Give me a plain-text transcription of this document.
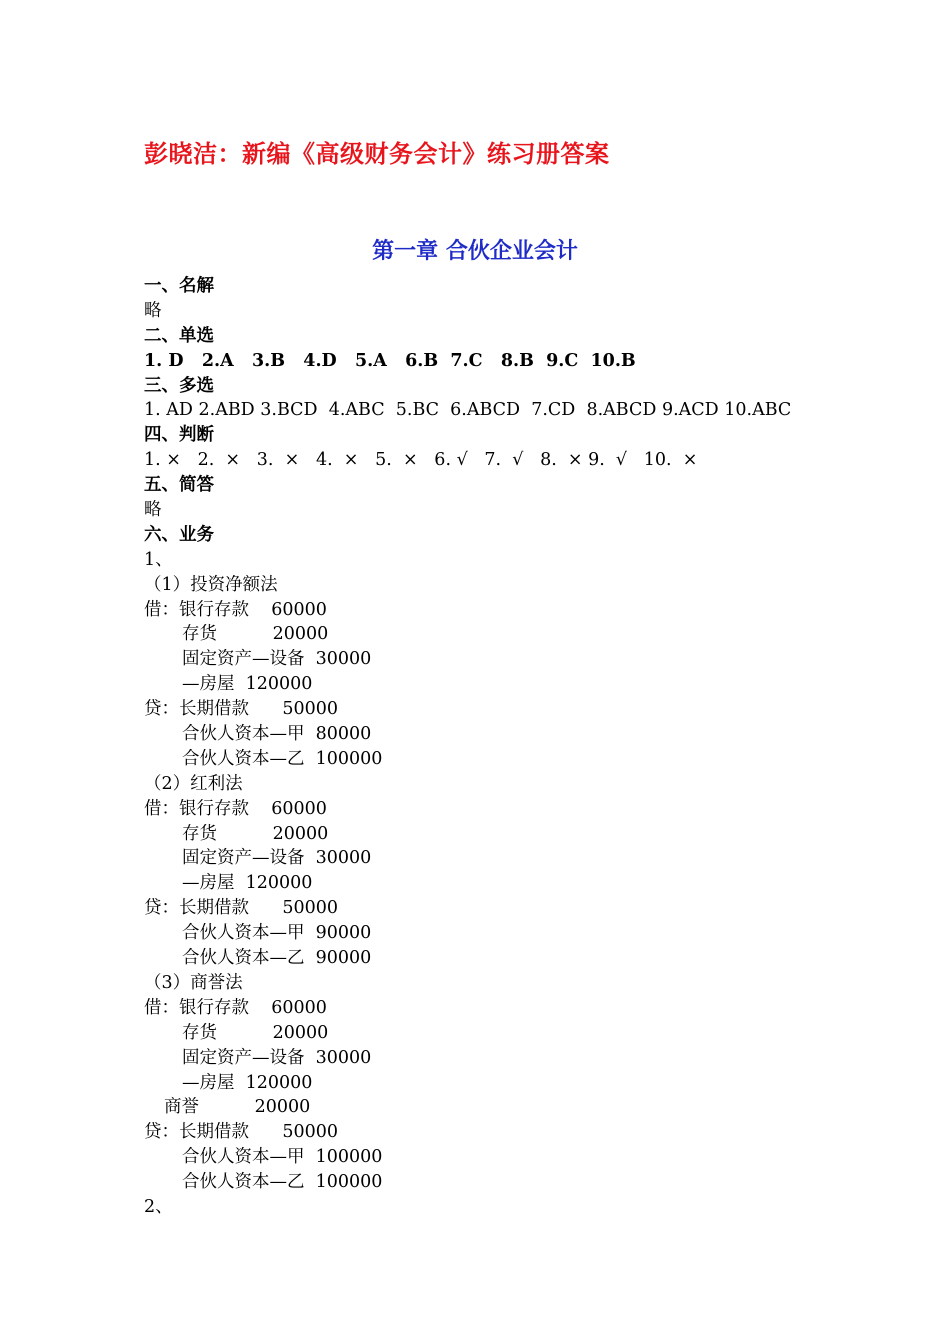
彭晓洁：新编《高级财务会计》练习册答案
第一章 合伙企业会计
一、名解
略
二、单选
1. D   2.A   3.B   4.D   5.A   6.B  7.C   8.B  9.C  10.B
三、多选
1. AD 2.ABD 3.BCD  4.ABC  5.BC  6.ABCD  7.CD  8.ABCD 9.ACD 10.ABC
四、判断
1. ×   2.  ×   3.  ×   4.  ×   5.  ×   6. √   7.  √   8.  × 9.  √   10.  ×
五、简答
略
六、业务
1、
（1）投资净额法
借：银行存款    60000
存货          20000
固定资产—设备  30000
—房屋  120000
贷：长期借款      50000
合伙人资本—甲  80000
合伙人资本—乙  100000
（2）红利法
借：银行存款    60000
存货          20000
固定资产—设备  30000
—房屋  120000
贷：长期借款      50000
合伙人资本—甲  90000
合伙人资本—乙  90000
（3）商誉法
借：银行存款    60000
存货          20000
固定资产—设备  30000
—房屋  120000
商誉          20000
贷：长期借款      50000
合伙人资本—甲  100000
合伙人资本—乙  100000
2、
